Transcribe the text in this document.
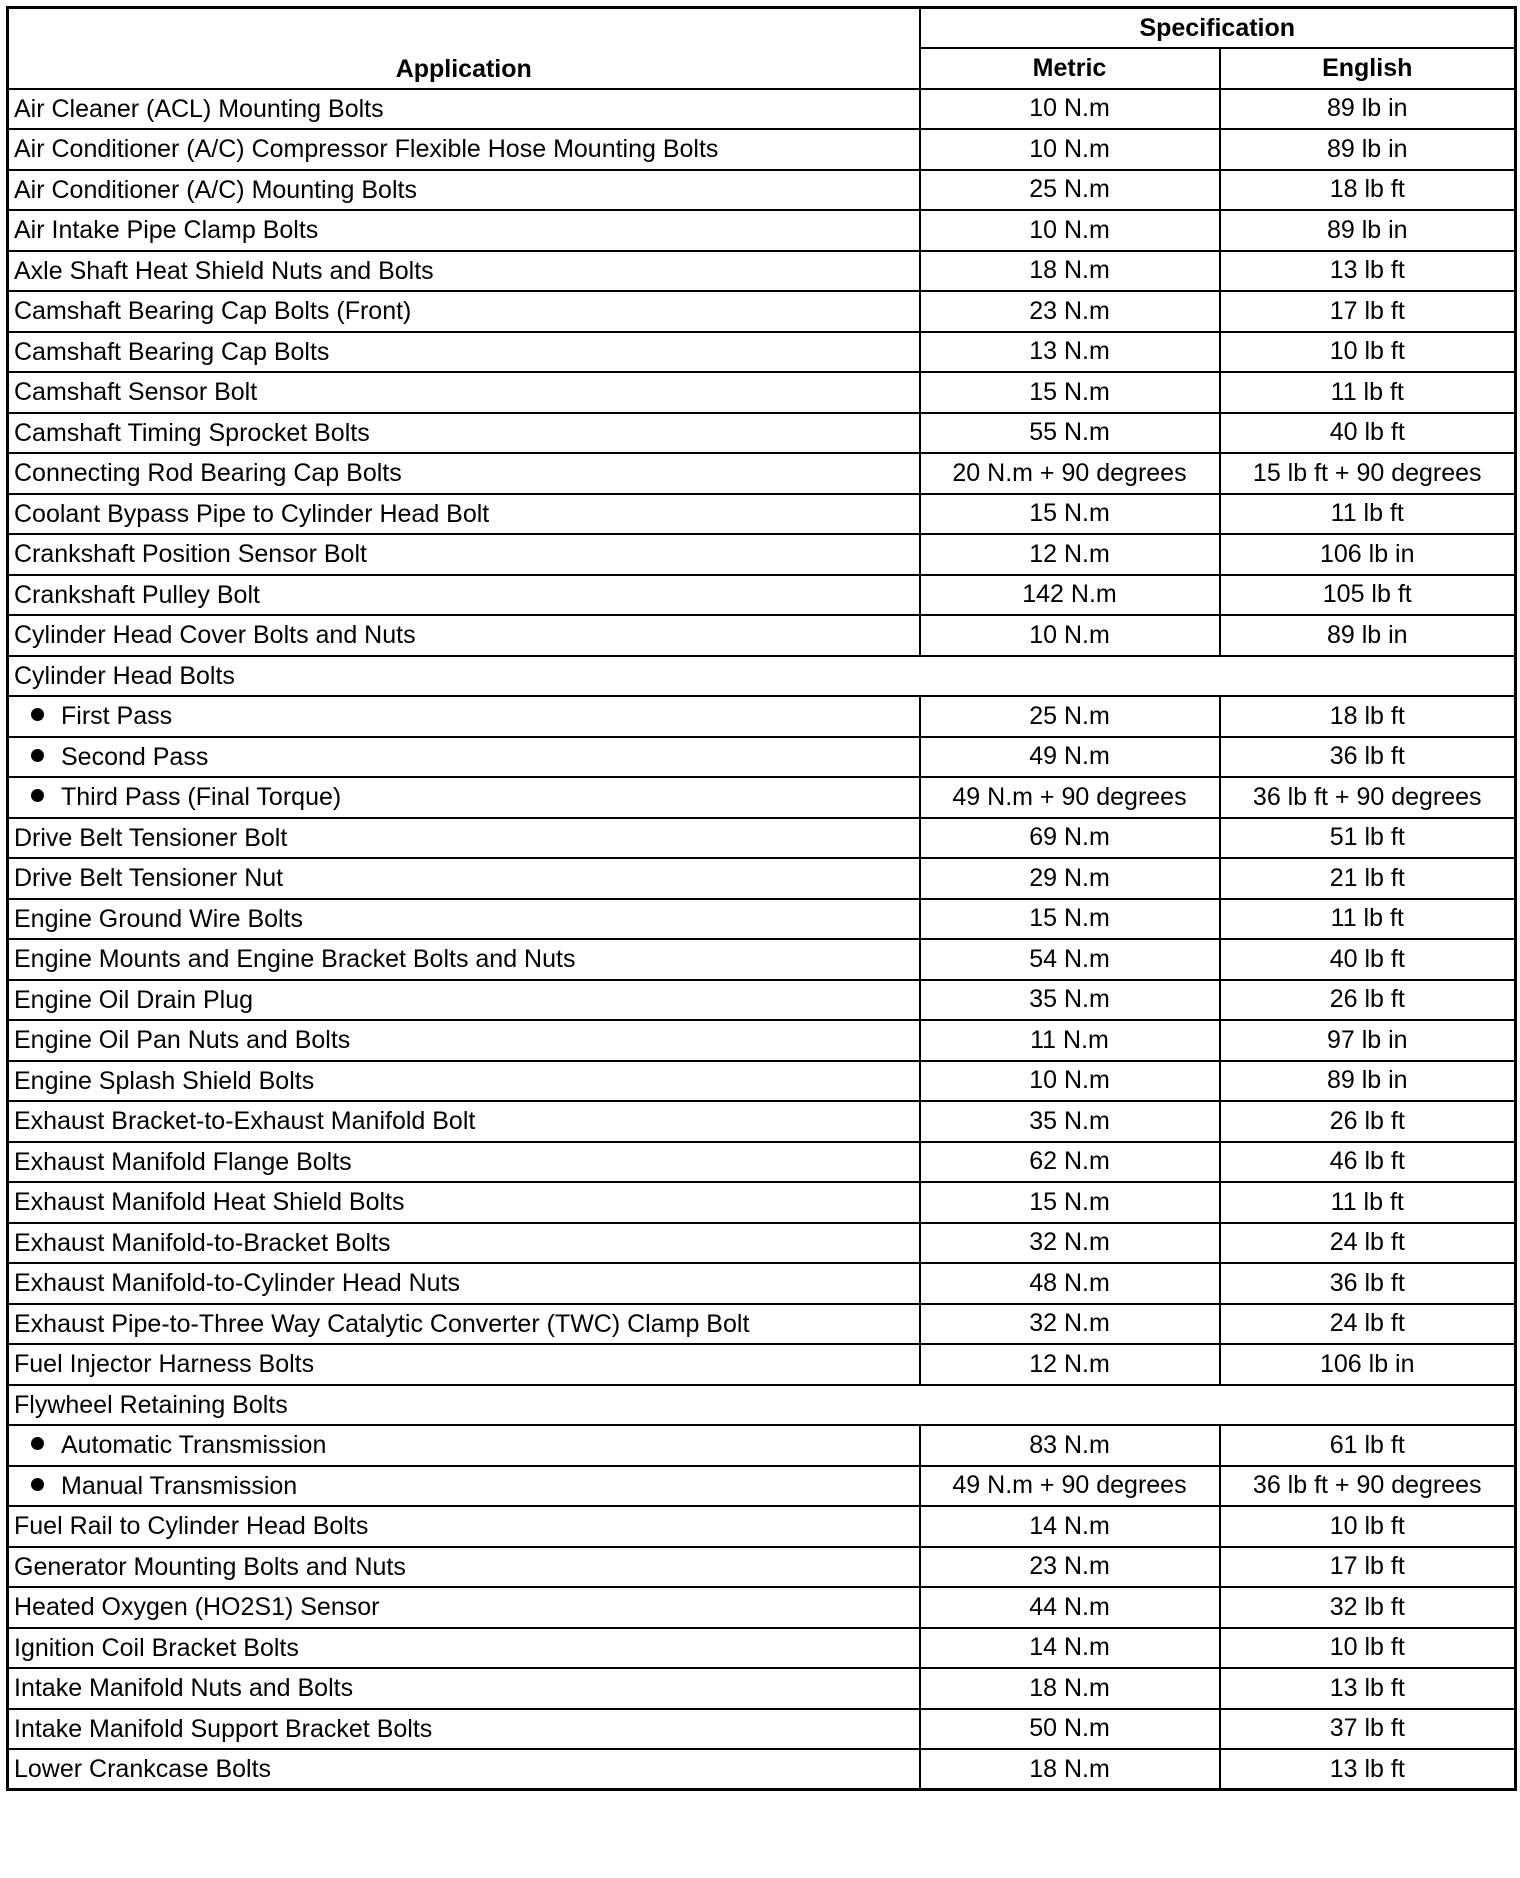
Application	Specification	
	Metric	English
Air Cleaner (ACL) Mounting Bolts	10 N.m	89 lb in
Air Conditioner (A/C) Compressor Flexible Hose Mounting Bolts	10 N.m	89 lb in
Air Conditioner (A/C) Mounting Bolts	25 N.m	18 lb ft
Air Intake Pipe Clamp Bolts	10 N.m	89 lb in
Axle Shaft Heat Shield Nuts and Bolts	18 N.m	13 lb ft
Camshaft Bearing Cap Bolts (Front)	23 N.m	17 lb ft
Camshaft Bearing Cap Bolts	13 N.m	10 lb ft
Camshaft Sensor Bolt	15 N.m	11 lb ft
Camshaft Timing Sprocket Bolts	55 N.m	40 lb ft
Connecting Rod Bearing Cap Bolts	20 N.m + 90 degrees	15 lb ft + 90 degrees
Coolant Bypass Pipe to Cylinder Head Bolt	15 N.m	11 lb ft
Crankshaft Position Sensor Bolt	12 N.m	106 lb in
Crankshaft Pulley Bolt	142 N.m	105 lb ft
Cylinder Head Cover Bolts and Nuts	10 N.m	89 lb in
Cylinder Head Bolts		
First Pass	25 N.m	18 lb ft
Second Pass	49 N.m	36 lb ft
Third Pass (Final Torque)	49 N.m + 90 degrees	36 lb ft + 90 degrees
Drive Belt Tensioner Bolt	69 N.m	51 lb ft
Drive Belt Tensioner Nut	29 N.m	21 lb ft
Engine Ground Wire Bolts	15 N.m	11 lb ft
Engine Mounts and Engine Bracket Bolts and Nuts	54 N.m	40 lb ft
Engine Oil Drain Plug	35 N.m	26 lb ft
Engine Oil Pan Nuts and Bolts	11 N.m	97 lb in
Engine Splash Shield Bolts	10 N.m	89 lb in
Exhaust Bracket-to-Exhaust Manifold Bolt	35 N.m	26 lb ft
Exhaust Manifold Flange Bolts	62 N.m	46 lb ft
Exhaust Manifold Heat Shield Bolts	15 N.m	11 lb ft
Exhaust Manifold-to-Bracket Bolts	32 N.m	24 lb ft
Exhaust Manifold-to-Cylinder Head Nuts	48 N.m	36 lb ft
Exhaust Pipe-to-Three Way Catalytic Converter (TWC) Clamp Bolt	32 N.m	24 lb ft
Fuel Injector Harness Bolts	12 N.m	106 lb in
Flywheel Retaining Bolts		
Automatic Transmission	83 N.m	61 lb ft
Manual Transmission	49 N.m + 90 degrees	36 lb ft + 90 degrees
Fuel Rail to Cylinder Head Bolts	14 N.m	10 lb ft
Generator Mounting Bolts and Nuts	23 N.m	17 lb ft
Heated Oxygen (HO2S1) Sensor	44 N.m	32 lb ft
Ignition Coil Bracket Bolts	14 N.m	10 lb ft
Intake Manifold Nuts and Bolts	18 N.m	13 lb ft
Intake Manifold Support Bracket Bolts	50 N.m	37 lb ft
Lower Crankcase Bolts	18 N.m	13 lb ft
